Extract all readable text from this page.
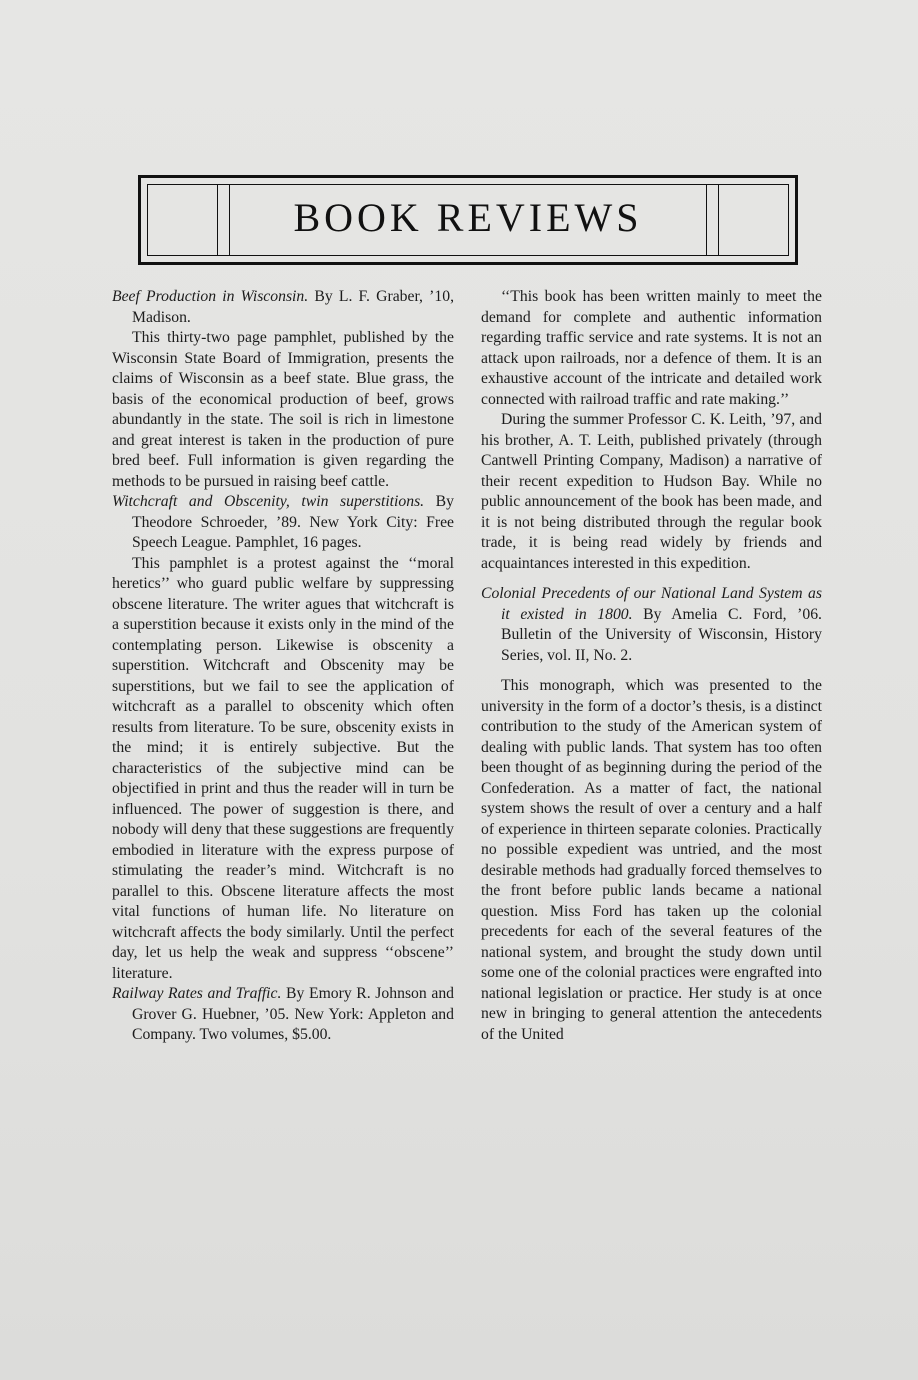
BOOK REVIEWS

Beef Production in Wisconsin. By L. F. Graber, ’10, Madison.

This thirty-two page pamphlet, published by the Wisconsin State Board of Immigration, presents the claims of Wisconsin as a beef state. Blue grass, the basis of the economical production of beef, grows abundantly in the state. The soil is rich in limestone and great interest is taken in the production of pure bred beef. Full information is given regarding the methods to be pursued in raising beef cattle.

Witchcraft and Obscenity, twin superstitions. By Theodore Schroeder, ’89. New York City: Free Speech League. Pamphlet, 16 pages.

This pamphlet is a protest against the ‘‘moral heretics’’ who guard public welfare by suppressing obscene literature. The writer agues that witchcraft is a superstition because it exists only in the mind of the contemplating person. Likewise is obscenity a superstition. Witchcraft and Obscenity may be superstitions, but we fail to see the application of witchcraft as a parallel to obscenity which often results from literature. To be sure, obscenity exists in the mind; it is entirely subjective. But the characteristics of the subjective mind can be objectified in print and thus the reader will in turn be influenced. The power of suggestion is there, and nobody will deny that these suggestions are frequently embodied in literature with the express purpose of stimulating the reader’s mind. Witchcraft is no parallel to this. Obscene literature affects the most vital functions of human life. No literature on witchcraft affects the body similarly. Until the perfect day, let us help the weak and suppress ‘‘obscene’’ literature.

Railway Rates and Traffic. By Emory R. Johnson and Grover G. Huebner, ’05. New York: Appleton and Company. Two volumes, $5.00.

‘‘This book has been written mainly to meet the demand for complete and authentic information regarding traffic service and rate systems. It is not an attack upon railroads, nor a defence of them. It is an exhaustive account of the intricate and detailed work connected with railroad traffic and rate making.’’

During the summer Professor C. K. Leith, ’97, and his brother, A. T. Leith, published privately (through Cantwell Printing Company, Madison) a narrative of their recent expedition to Hudson Bay. While no public announcement of the book has been made, and it is not being distributed through the regular book trade, it is being read widely by friends and acquaintances interested in this expedition.

Colonial Precedents of our National Land System as it existed in 1800. By Amelia C. Ford, ’06. Bulletin of the University of Wisconsin, History Series, vol. II, No. 2.

This monograph, which was presented to the university in the form of a doctor’s thesis, is a distinct contribution to the study of the American system of dealing with public lands. That system has too often been thought of as beginning during the period of the Confederation. As a matter of fact, the national system shows the result of over a century and a half of experience in thirteen separate colonies. Practically no possible expedient was untried, and the most desirable methods had gradually forced themselves to the front before public lands became a national question. Miss Ford has taken up the colonial precedents for each of the several features of the national system, and brought the study down until some one of the colonial practices were engrafted into national legislation or practice. Her study is at once new in bringing to general attention the antecedents of the United
